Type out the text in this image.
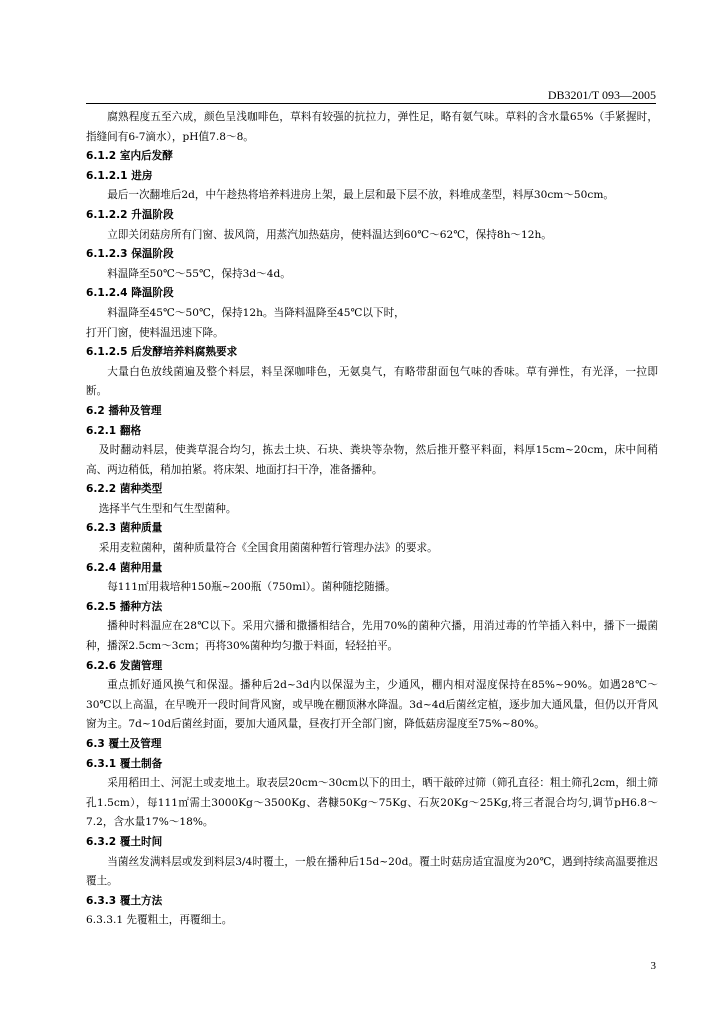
DB3201/T 093—2005

腐熟程度五至六成，颜色呈浅咖啡色，草料有较强的抗拉力，弹性足，略有氨气味。草料的含水量65%（手紧握时，指缝间有6-7滴水），pH值7.8～8。

6.1.2 室内后发酵

6.1.2.1 进房

最后一次翻堆后2d，中午趁热将培养料进房上架，最上层和最下层不放，料堆成垄型，料厚30cm～50cm。

6.1.2.2 升温阶段

立即关闭菇房所有门窗、拔风筒，用蒸汽加热菇房，使料温达到60℃～62℃，保持8h～12h。

6.1.2.3 保温阶段

料温降至50℃～55℃，保持3d～4d。

6.1.2.4 降温阶段

料温降至45℃～50℃，保持12h。当降料温降至45℃以下时，

打开门窗，使料温迅速下降。

6.1.2.5 后发酵培养料腐熟要求

大量白色放线菌遍及整个料层，料呈深咖啡色，无氨臭气，有略带甜面包气味的香味。草有弹性，有光泽，一拉即断。

6.2 播种及管理

6.2.1 翻格

及时翻动料层，使粪草混合均匀，拣去土块、石块、粪块等杂物，然后推开整平料面，料厚15cm~20cm，床中间稍高、两边稍低，稍加拍紧。将床架、地面打扫干净，准备播种。

6.2.2 菌种类型

选择半气生型和气生型菌种。

6.2.3 菌种质量

采用麦粒菌种，菌种质量符合《全国食用菌菌种暂行管理办法》的要求。

6.2.4 菌种用量

每111㎡用栽培种150瓶~200瓶（750ml）。菌种随挖随播。

6.2.5 播种方法

播种时料温应在28℃以下。采用穴播和撒播相结合，先用70%的菌种穴播，用消过毒的竹竿插入料中，播下一撮菌种，播深2.5cm～3cm；再将30%菌种均匀撒于料面，轻轻拍平。

6.2.6 发菌管理

重点抓好通风换气和保湿。播种后2d~3d内以保湿为主，少通风，棚内相对湿度保持在85%~90%。如遇28℃～30℃以上高温，在早晚开一段时间背风窗，或早晚在棚顶淋水降温。3d~4d后菌丝定植，逐步加大通风量，但仍以开背风窗为主。7d~10d后菌丝封面，要加大通风量，昼夜打开全部门窗，降低菇房湿度至75%~80%。

6.3 覆土及管理

6.3.1 覆土制备

采用稻田土、河泥土或麦地土。取表层20cm～30cm以下的田土，晒干敲碎过筛（筛孔直径：粗土筛孔2cm，细土筛孔1.5cm），每111㎡需土3000Kg～3500Kg、砻糠50Kg～75Kg、石灰20Kg～25Kg,将三者混合均匀,调节pH6.8～7.2，含水量17%～18%。

6.3.2 覆土时间

当菌丝发满料层或发到料层3/4时覆土，一般在播种后15d~20d。覆土时菇房适宜温度为20℃，遇到持续高温要推迟覆土。

6.3.3 覆土方法

6.3.3.1 先覆粗土，再覆细土。

3
